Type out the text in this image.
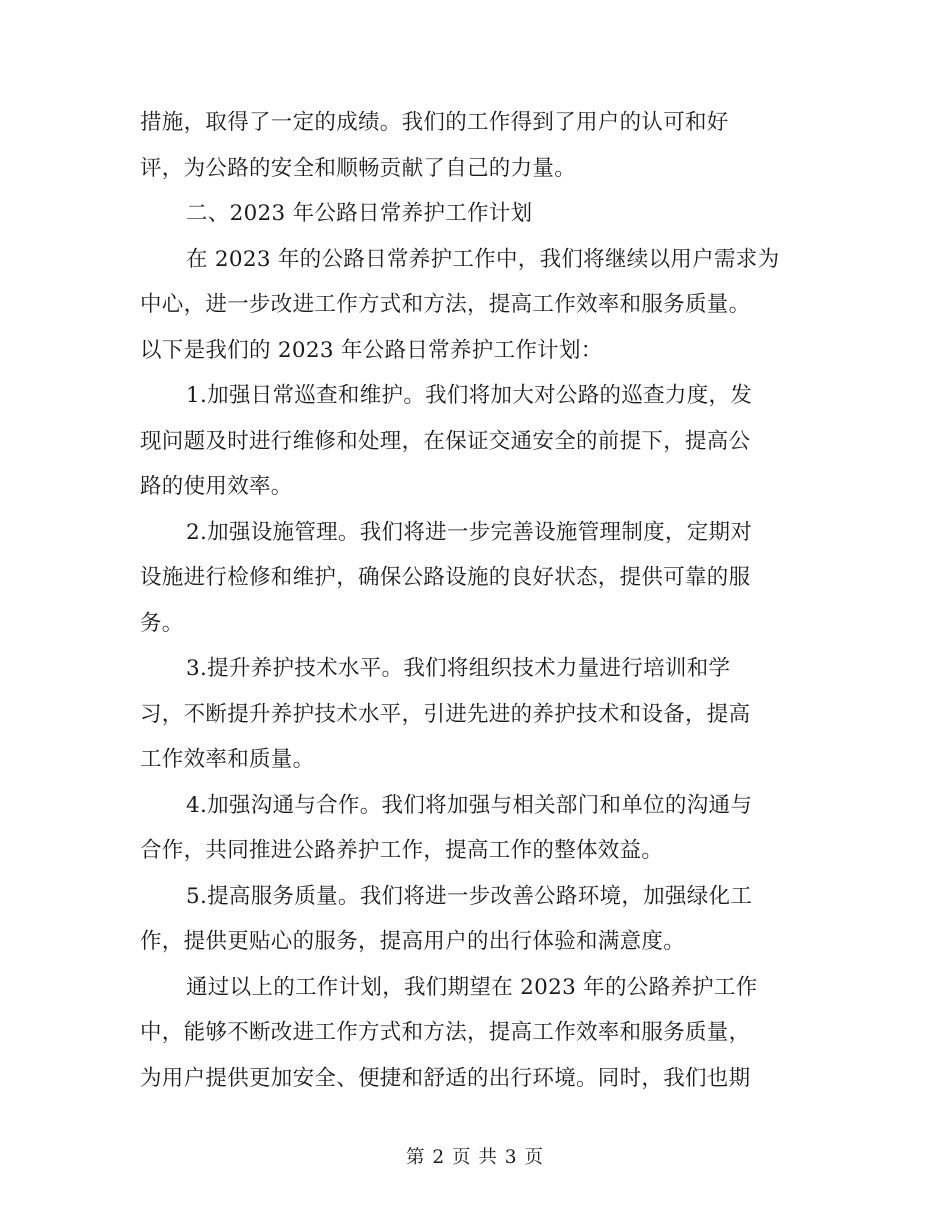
措施，取得了一定的成绩。我们的工作得到了用户的认可和好
评，为公路的安全和顺畅贡献了自己的力量。
二、2023 年公路日常养护工作计划
在 2023 年的公路日常养护工作中，我们将继续以用户需求为
中心，进一步改进工作方式和方法，提高工作效率和服务质量。
以下是我们的 2023 年公路日常养护工作计划：
1.加强日常巡查和维护。我们将加大对公路的巡查力度，发
现问题及时进行维修和处理，在保证交通安全的前提下，提高公
路的使用效率。
2.加强设施管理。我们将进一步完善设施管理制度，定期对
设施进行检修和维护，确保公路设施的良好状态，提供可靠的服
务。
3.提升养护技术水平。我们将组织技术力量进行培训和学
习，不断提升养护技术水平，引进先进的养护技术和设备，提高
工作效率和质量。
4.加强沟通与合作。我们将加强与相关部门和单位的沟通与
合作，共同推进公路养护工作，提高工作的整体效益。
5.提高服务质量。我们将进一步改善公路环境，加强绿化工
作，提供更贴心的服务，提高用户的出行体验和满意度。
通过以上的工作计划，我们期望在 2023 年的公路养护工作
中，能够不断改进工作方式和方法，提高工作效率和服务质量，
为用户提供更加安全、便捷和舒适的出行环境。同时，我们也期
第 2 页 共 3 页
